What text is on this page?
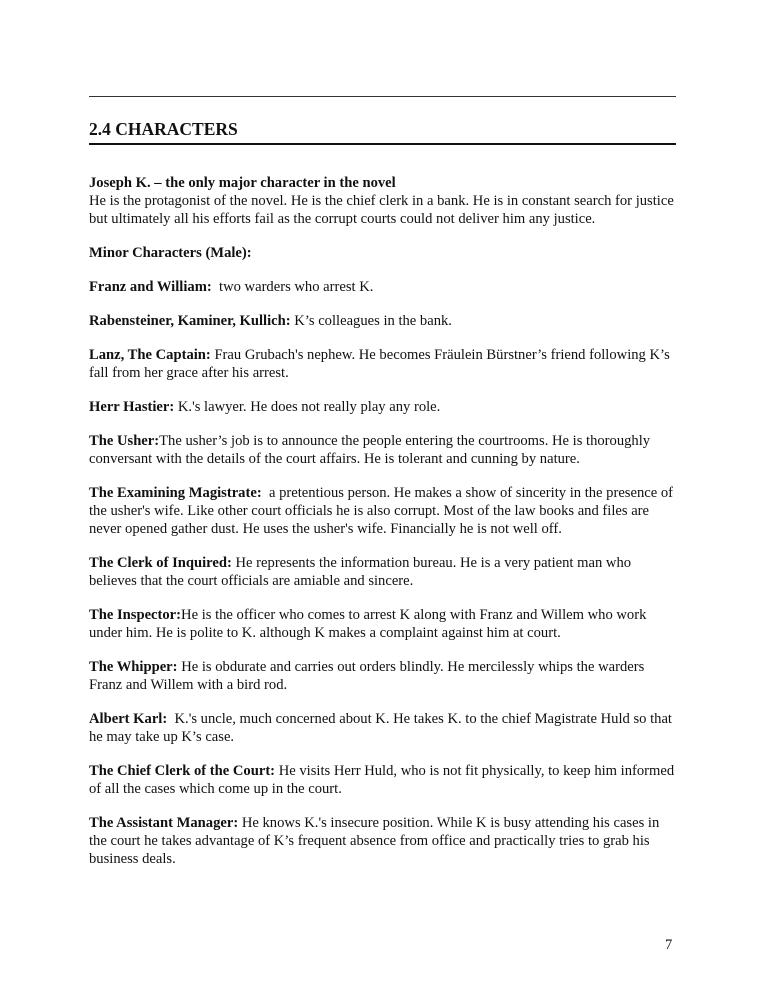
2.4 CHARACTERS

Joseph K. – the only major character in the novel
He is the protagonist of the novel. He is the chief clerk in a bank. He is in constant search for justice but ultimately all his efforts fail as the corrupt courts could not deliver him any justice.

Minor Characters (Male):

Franz and William: two warders who arrest K.

Rabensteiner, Kaminer, Kullich: K’s colleagues in the bank.

Lanz, The Captain: Frau Grubach's nephew. He becomes Fräulein Bürstner’s friend following K’s fall from her grace after his arrest.

Herr Hastier: K.'s lawyer. He does not really play any role.

The Usher:The usher’s job is to announce the people entering the courtrooms. He is thoroughly conversant with the details of the court affairs. He is tolerant and cunning by nature.

The Examining Magistrate: a pretentious person. He makes a show of sincerity in the presence of the usher's wife. Like other court officials he is also corrupt. Most of the law books and files are never opened gather dust. He uses the usher's wife. Financially he is not well off.

The Clerk of Inquired: He represents the information bureau. He is a very patient man who believes that the court officials are amiable and sincere.

The Inspector:He is the officer who comes to arrest K along with Franz and Willem who work under him. He is polite to K. although K makes a complaint against him at court.

The Whipper: He is obdurate and carries out orders blindly. He mercilessly whips the warders Franz and Willem with a bird rod.

Albert Karl: K.'s uncle, much concerned about K. He takes K. to the chief Magistrate Huld so that he may take up K’s case.

The Chief Clerk of the Court: He visits Herr Huld, who is not fit physically, to keep him informed of all the cases which come up in the court.

The Assistant Manager: He knows K.'s insecure position. While K is busy attending his cases in the court he takes advantage of K’s frequent absence from office and practically tries to grab his business deals.

7
